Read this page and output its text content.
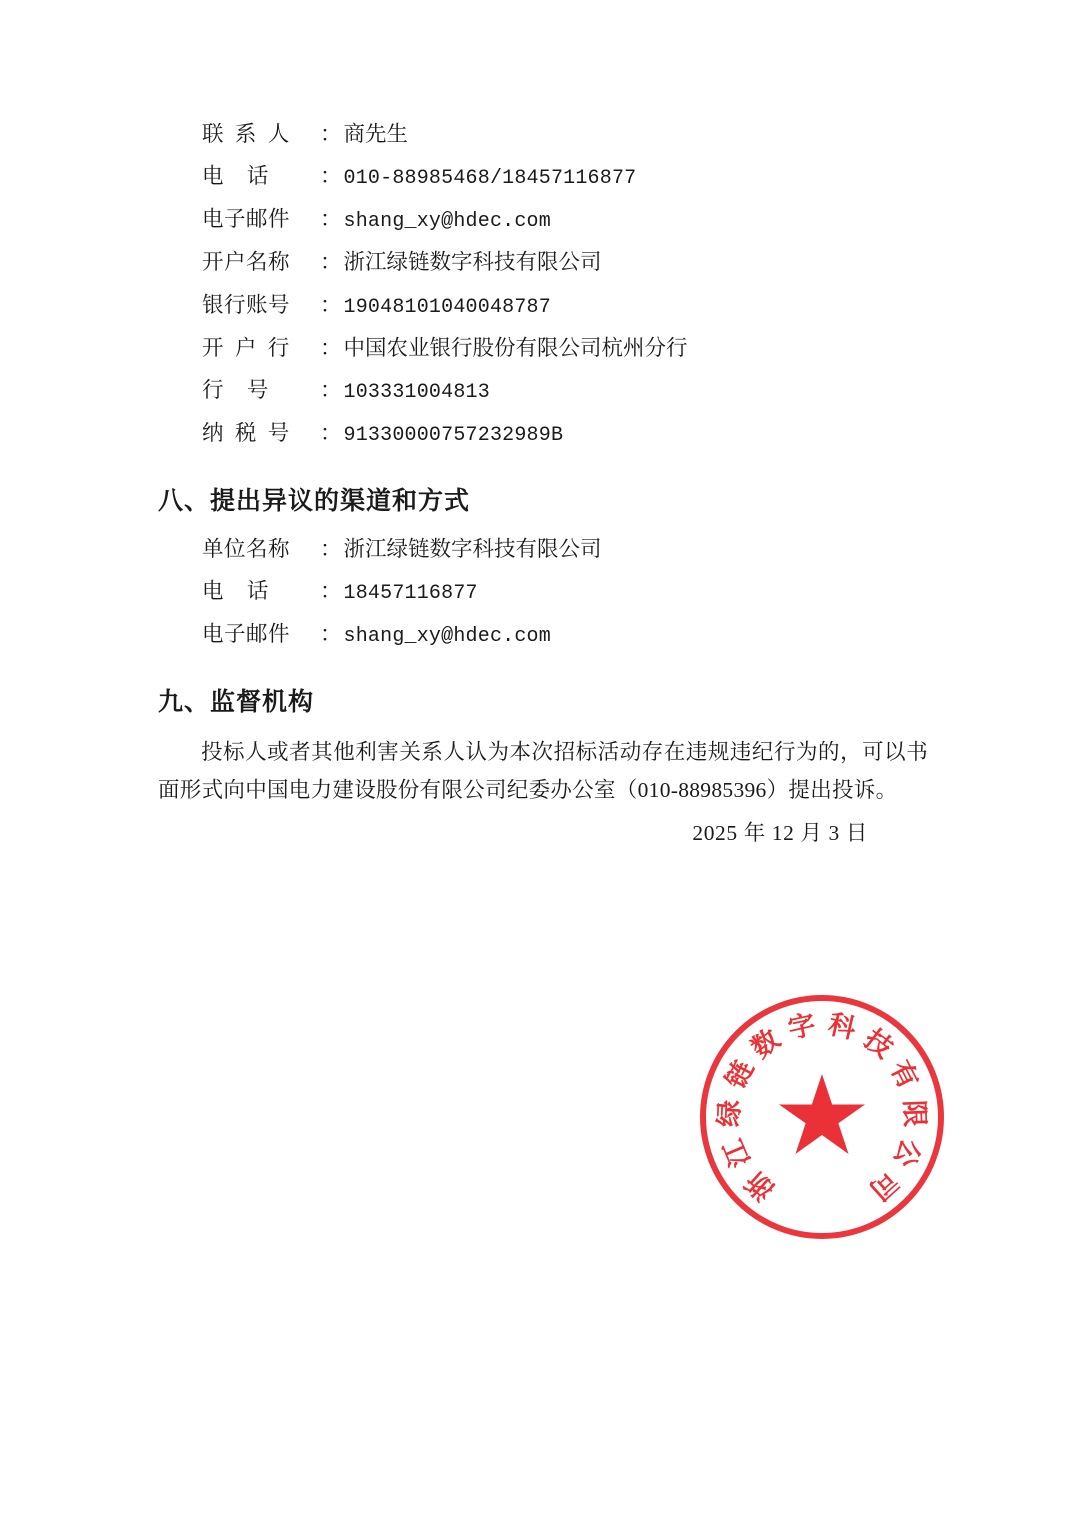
联 系 人	： 商先生
电 话	： 010-88985468/18457116877
电子邮件	： shang_xy@hdec.com
开户名称	： 浙江绿链数字科技有限公司
银行账号	： 19048101040048787
开 户 行	： 中国农业银行股份有限公司杭州分行
行 号	： 103331004813
纳 税 号	： 91330000757232989B
八、提出异议的渠道和方式
单位名称	： 浙江绿链数字科技有限公司
电 话	： 18457116877
电子邮件	： shang_xy@hdec.com
九、监督机构

投标人或者其他利害关系人认为本次招标活动存在违规违纪行为的，可以书面形式向中国电力建设股份有限公司纪委办公室（010-88985396）提出投诉。

2025 年 12 月 3 日
浙
江
绿
链
数 字 科 技
有
限
公
司
